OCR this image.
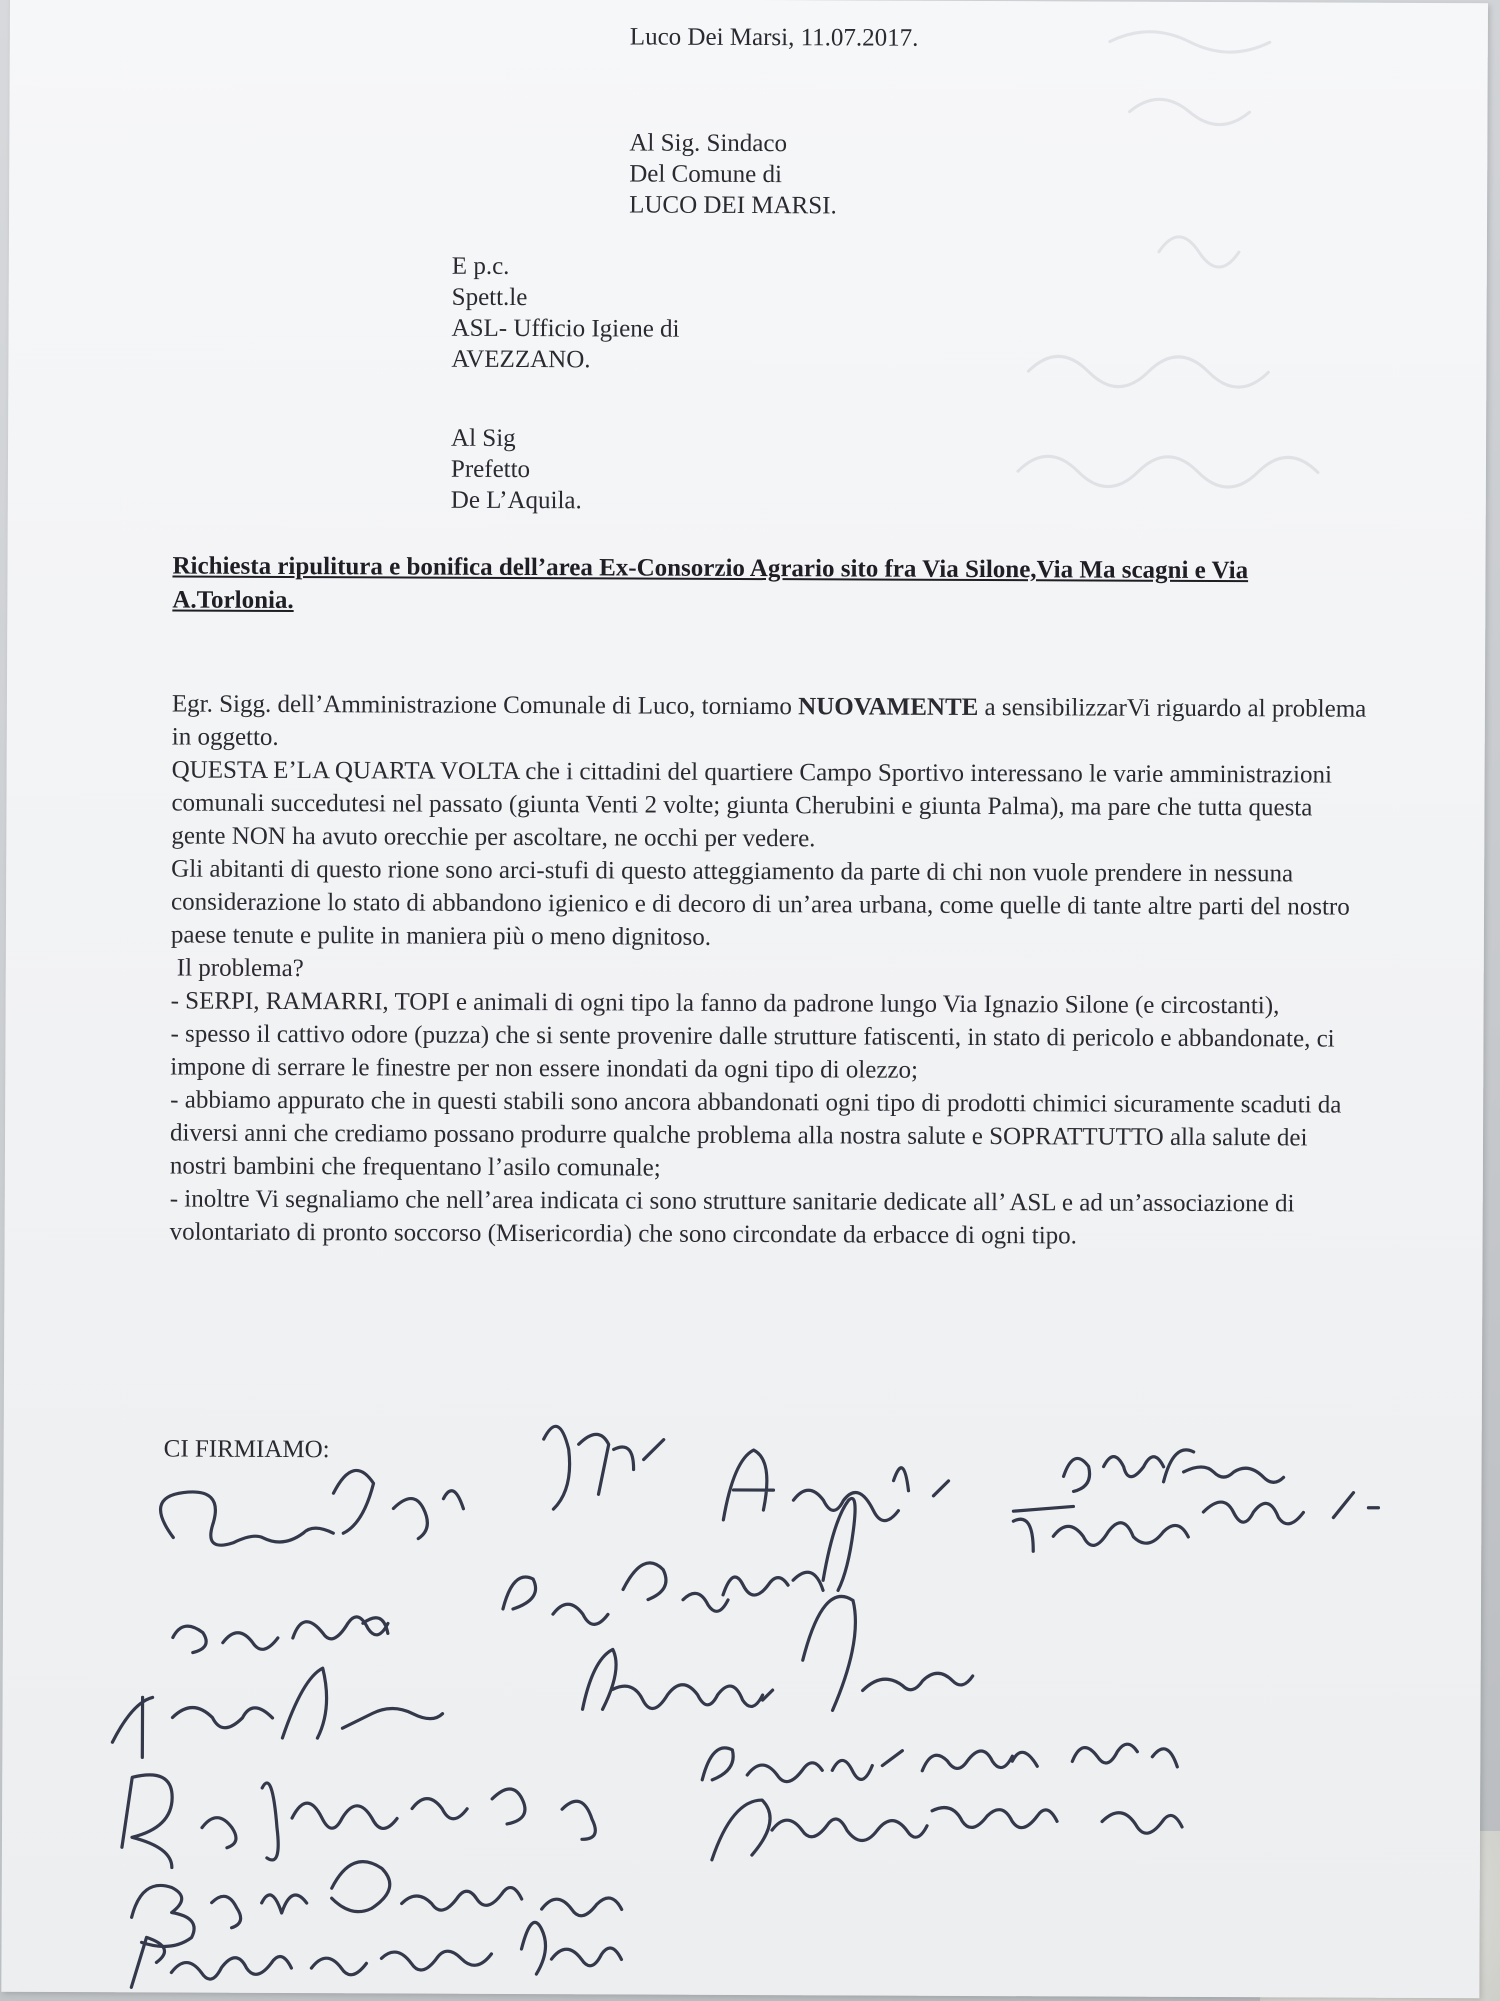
Luco Dei Marsi, 11.07.2017.
Al Sig. Sindaco
Del Comune di
LUCO DEI MARSI.
E p.c.
Spett.le
ASL- Ufficio Igiene di
AVEZZANO.
Al Sig
Prefetto
De L’Aquila.
Richiesta ripulitura e bonifica dell’area Ex-Consorzio Agrario sito fra Via Silone,Via Ma scagni e Via A.Torlonia.

Egr. Sigg. dell’Amministrazione Comunale di Luco, torniamo NUOVAMENTE a sensibilizzarVi riguardo al problema in oggetto.

QUESTA E’LA QUARTA VOLTA che i cittadini del quartiere Campo Sportivo interessano le varie amministrazioni comunali succedutesi nel passato (giunta Venti 2 volte; giunta Cherubini e giunta Palma), ma pare che tutta questa gente NON ha avuto orecchie per ascoltare, ne occhi per vedere.

Gli abitanti di questo rione sono arci-stufi di questo atteggiamento da parte di chi non vuole prendere in nessuna considerazione lo stato di abbandono igienico e di decoro di un’area urbana, come quelle di tante altre parti del nostro paese tenute e pulite in maniera più o meno dignitoso.

Il problema?

- SERPI, RAMARRI, TOPI e animali di ogni tipo la fanno da padrone lungo Via Ignazio Silone (e circostanti),

- spesso il cattivo odore (puzza) che si sente provenire dalle strutture fatiscenti, in stato di pericolo e abbandonate, ci impone di serrare le finestre per non essere inondati da ogni tipo di olezzo;

- abbiamo appurato che in questi stabili sono ancora abbandonati ogni tipo di prodotti chimici sicuramente scaduti da diversi anni che crediamo possano produrre qualche problema alla nostra salute e SOPRATTUTTO alla salute dei nostri bambini che frequentano l’asilo comunale;

- inoltre Vi segnaliamo che nell’area indicata ci sono strutture sanitarie dedicate all’ ASL e ad un’associazione di volontariato di pronto soccorso (Misericordia) che sono circondate da erbacce di ogni tipo.

CI FIRMIAMO:
